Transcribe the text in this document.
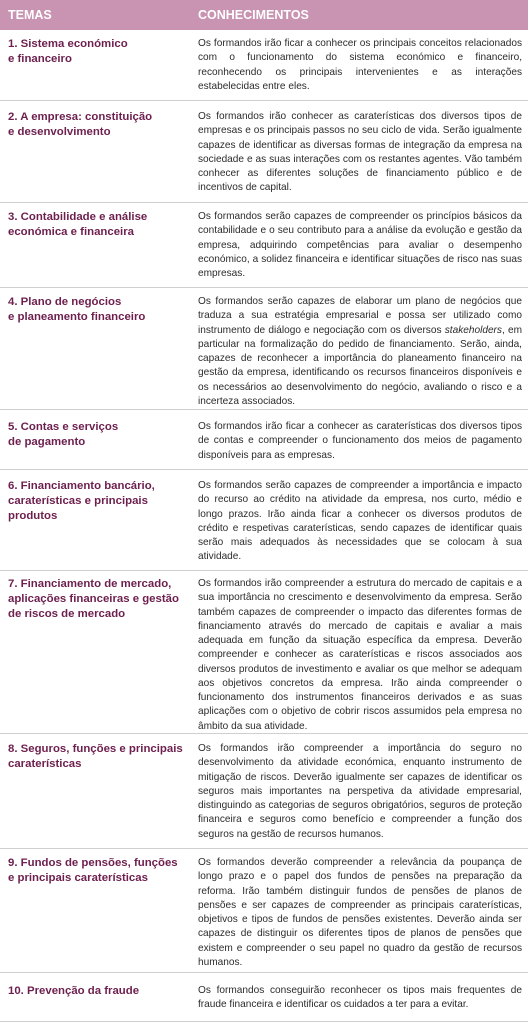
TEMAS	CONHECIMENTOS
1. Sistema económico
e financeiro
Os formandos irão ficar a conhecer os principais conceitos relacionados com o funcionamento do sistema económico e financeiro, reconhecendo os principais intervenientes e as interações estabelecidas entre eles.
2. A empresa: constituição
e desenvolvimento
Os formandos irão conhecer as caraterísticas dos diversos tipos de empresas e os principais passos no seu ciclo de vida. Serão igualmente capazes de identificar as diversas formas de integração da empresa na sociedade e as suas interações com os restantes agentes. Vão também conhecer as diferentes soluções de financiamento público e de incentivos de capital.
3. Contabilidade e análise
económica e financeira
Os formandos serão capazes de compreender os princípios básicos da contabilidade e o seu contributo para a análise da evolução e gestão da empresa, adquirindo competências para avaliar o desempenho económico, a solidez financeira e identificar situações de risco nas suas empresas.
4. Plano de negócios
e planeamento financeiro
Os formandos serão capazes de elaborar um plano de negócios que traduza a sua estratégia empresarial e possa ser utilizado como instrumento de diálogo e negociação com os diversos stakeholders, em particular na formalização do pedido de financiamento. Serão, ainda, capazes de reconhecer a importância do planeamento financeiro na gestão da empresa, identificando os recursos financeiros disponíveis e os necessários ao desenvolvimento do negócio, avaliando o risco e a incerteza associados.
5. Contas e serviços
de pagamento
Os formandos irão ficar a conhecer as caraterísticas dos diversos tipos de contas e compreender o funcionamento dos meios de pagamento disponíveis para as empresas.
6. Financiamento bancário,
caraterísticas e principais
produtos
Os formandos serão capazes de compreender a importância e impacto do recurso ao crédito na atividade da empresa, nos curto, médio e longo prazos. Irão ainda ficar a conhecer os diversos produtos de crédito e respetivas caraterísticas, sendo capazes de identificar quais serão mais adequados às necessidades que se colocam à sua atividade.
7. Financiamento de mercado,
aplicações financeiras e gestão
de riscos de mercado
Os formandos irão compreender a estrutura do mercado de capitais e a sua importância no crescimento e desenvolvimento da empresa. Serão também capazes de compreender o impacto das diferentes formas de financiamento através do mercado de capitais e avaliar a mais adequada em função da situação específica da empresa. Deverão compreender e conhecer as caraterísticas e riscos associados aos diversos produtos de investimento e avaliar os que melhor se adequam aos objetivos concretos da empresa. Irão ainda compreender o funcionamento dos instrumentos financeiros derivados e as suas aplicações com o objetivo de cobrir riscos assumidos pela empresa no âmbito da sua atividade.
8. Seguros, funções e principais
caraterísticas
Os formandos irão compreender a importância do seguro no desenvolvimento da atividade económica, enquanto instrumento de mitigação de riscos. Deverão igualmente ser capazes de identificar os seguros mais importantes na perspetiva da atividade empresarial, distinguindo as categorias de seguros obrigatórios, seguros de proteção financeira e seguros como benefício e compreender a função dos seguros na gestão de recursos humanos.
9. Fundos de pensões, funções
e principais caraterísticas
Os formandos deverão compreender a relevância da poupança de longo prazo e o papel dos fundos de pensões na preparação da reforma. Irão também distinguir fundos de pensões de planos de pensões e ser capazes de compreender as principais caraterísticas, objetivos e tipos de fundos de pensões existentes. Deverão ainda ser capazes de distinguir os diferentes tipos de planos de pensões que existem e compreender o seu papel no quadro da gestão de recursos humanos.
10. Prevenção da fraude	Os formandos conseguirão reconhecer os tipos mais frequentes de fraude financeira e identificar os cuidados a ter para a evitar.
